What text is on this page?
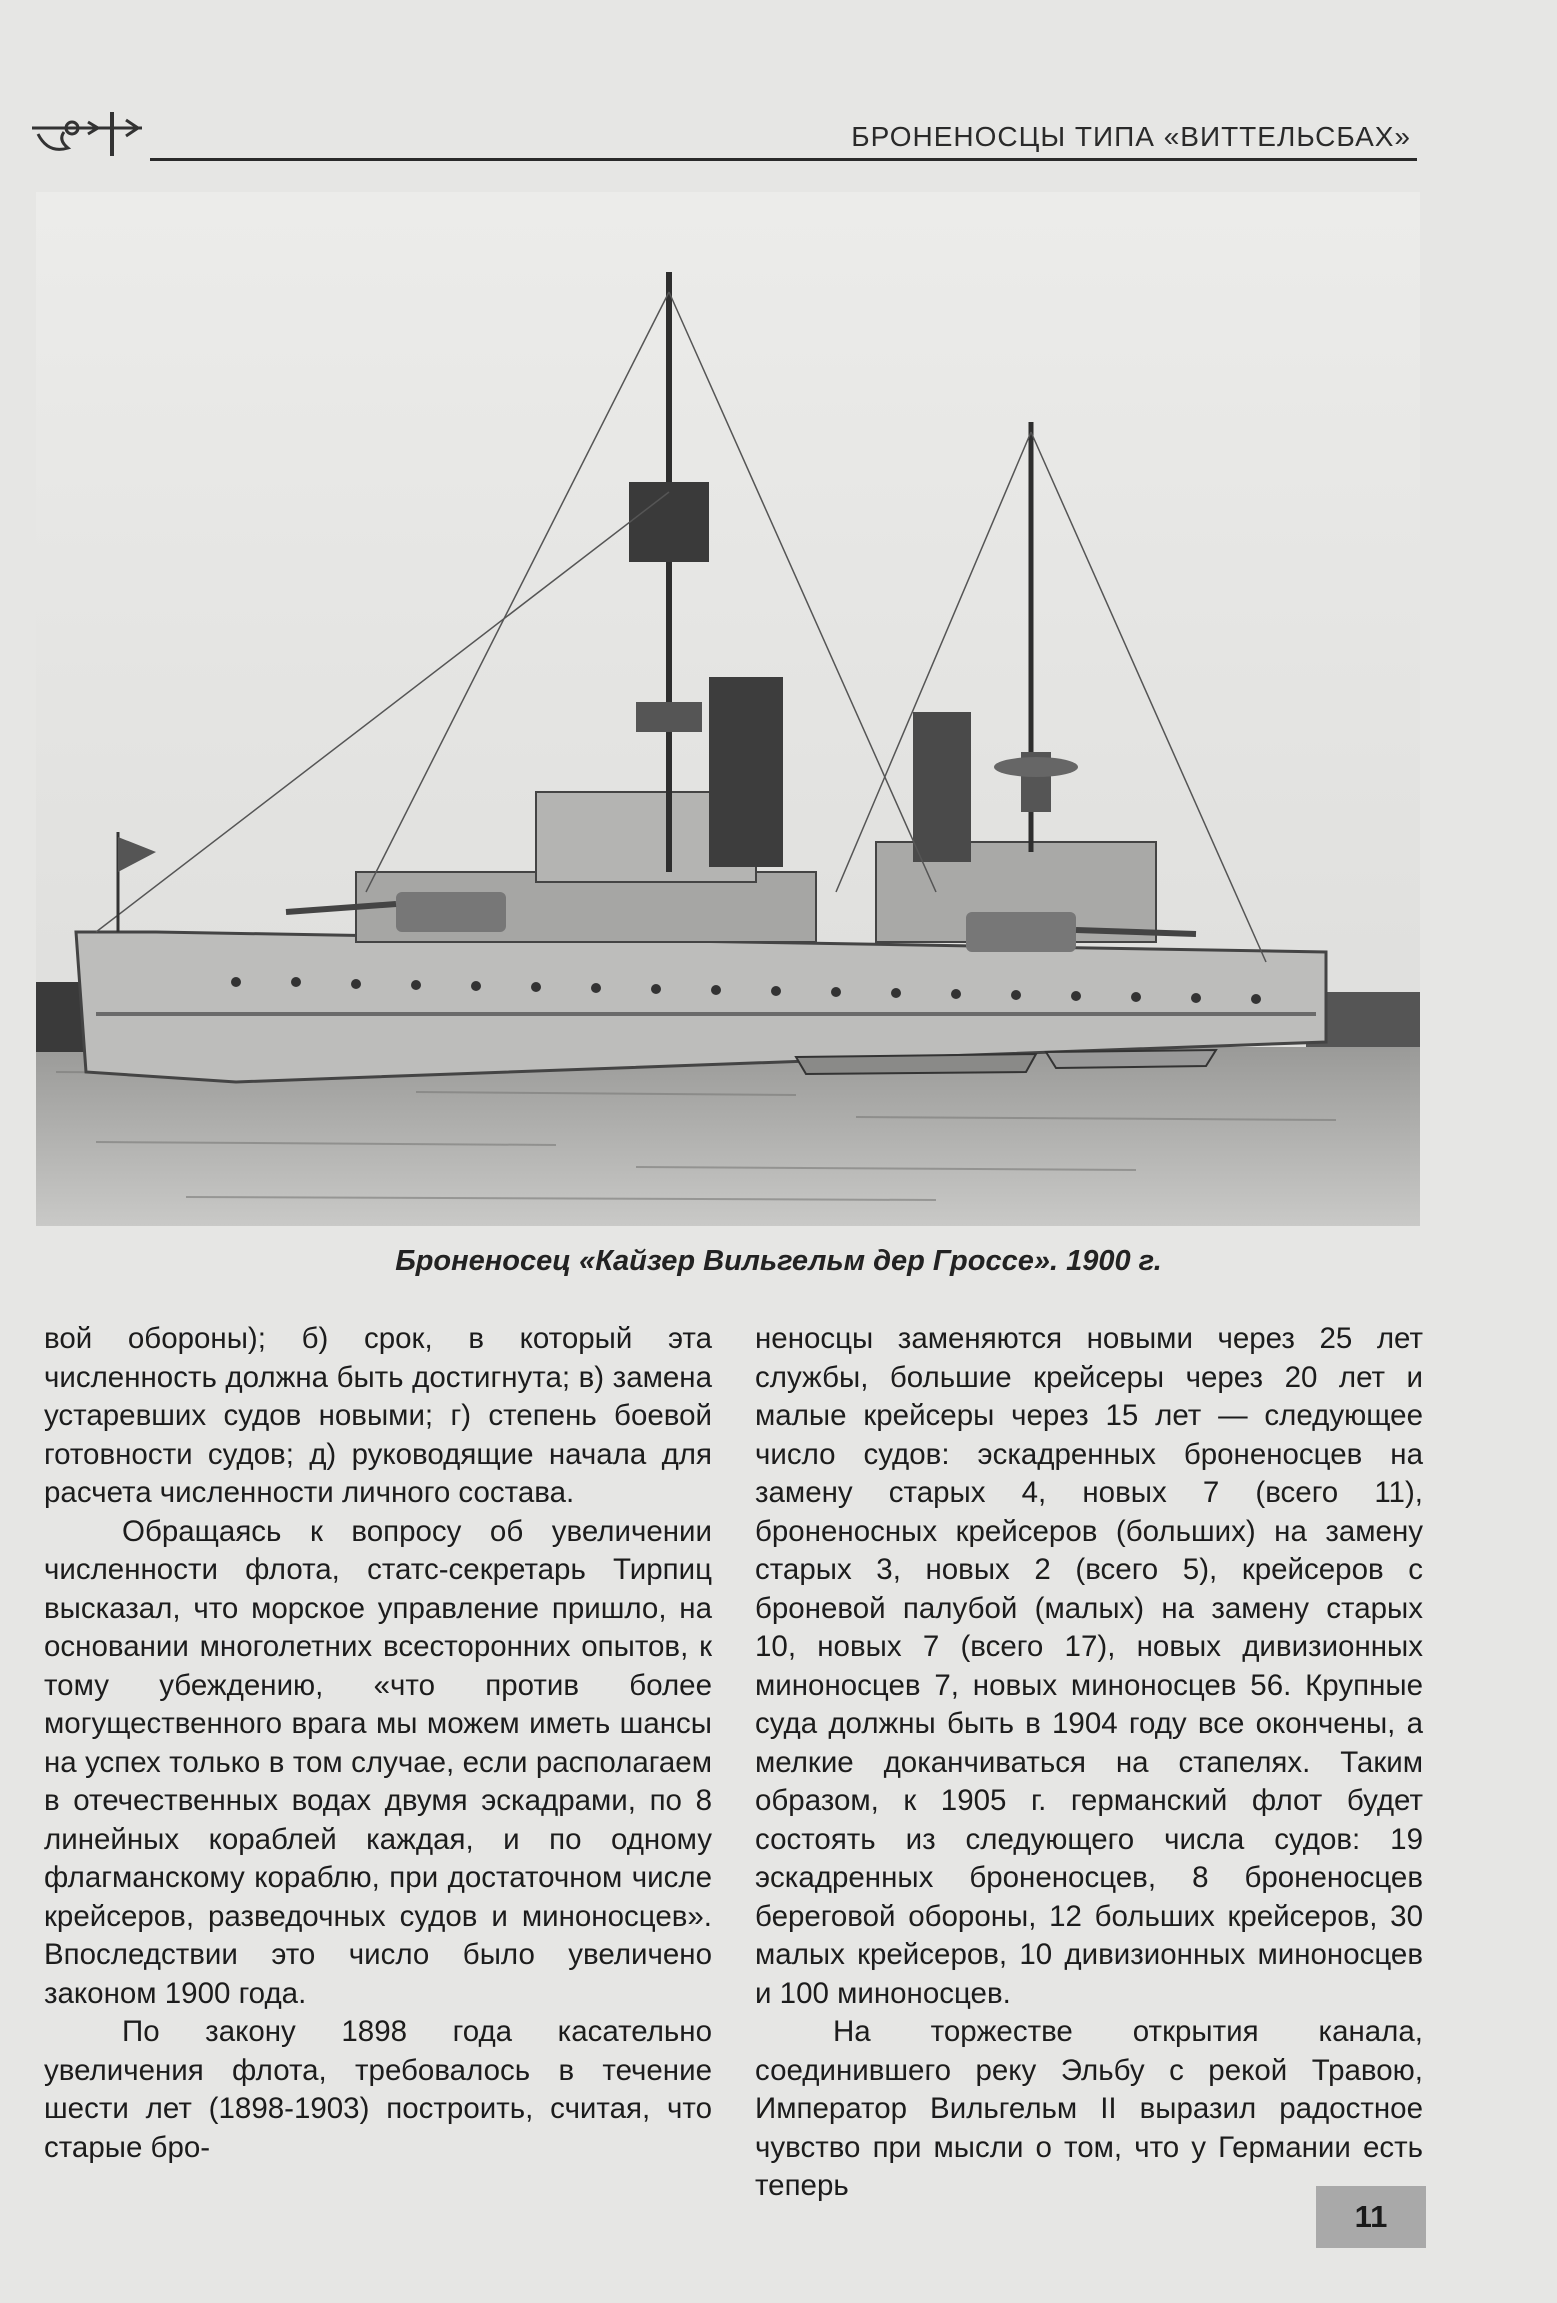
БРОНЕНОСЦЫ ТИПА «ВИТТЕЛЬСБАХ»
Броненосец «Кайзер Вильгельм дер Гроссе». 1900 г.

вой обороны); б) срок, в который эта численность должна быть достигнута; в) замена устаревших судов новыми; г) степень боевой готовности судов; д) руководящие начала для расчета численности личного состава.

Обращаясь к вопросу об увеличении численности флота, статс-секретарь Тирпиц высказал, что морское управление пришло, на основании многолетних всесторонних опытов, к тому убеждению, «что против более могущественного врага мы можем иметь шансы на успех только в том случае, если располагаем в отечественных водах двумя эскадрами, по 8 линейных кораблей каждая, и по одному флагманскому кораблю, при достаточном числе крейсеров, разведочных судов и миноносцев». Впоследствии это число было увеличено законом 1900 года.

По закону 1898 года касательно увеличения флота, требовалось в течение шести лет (1898-1903) построить, считая, что старые бро-

неносцы заменяются новыми через 25 лет службы, большие крейсеры через 20 лет и малые крейсеры через 15 лет — следующее число судов: эскадренных броненосцев на замену старых 4, новых 7 (всего 11), броненосных крейсеров (больших) на замену старых 3, новых 2 (всего 5), крейсеров с броневой палубой (малых) на замену старых 10, новых 7 (всего 17), новых дивизионных миноносцев 7, новых миноносцев 56. Крупные суда должны быть в 1904 году все окончены, а мелкие доканчиваться на стапелях. Таким образом, к 1905 г. германский флот будет состоять из следующего числа судов: 19 эскадренных броненосцев, 8 броненосцев береговой обороны, 12 больших крейсеров, 30 малых крейсеров, 10 дивизионных миноносцев и 100 миноносцев.

На торжестве открытия канала, соединившего реку Эльбу с рекой Травою, Император Вильгельм II выразил радостное чувство при мысли о том, что у Германии есть теперь

11
